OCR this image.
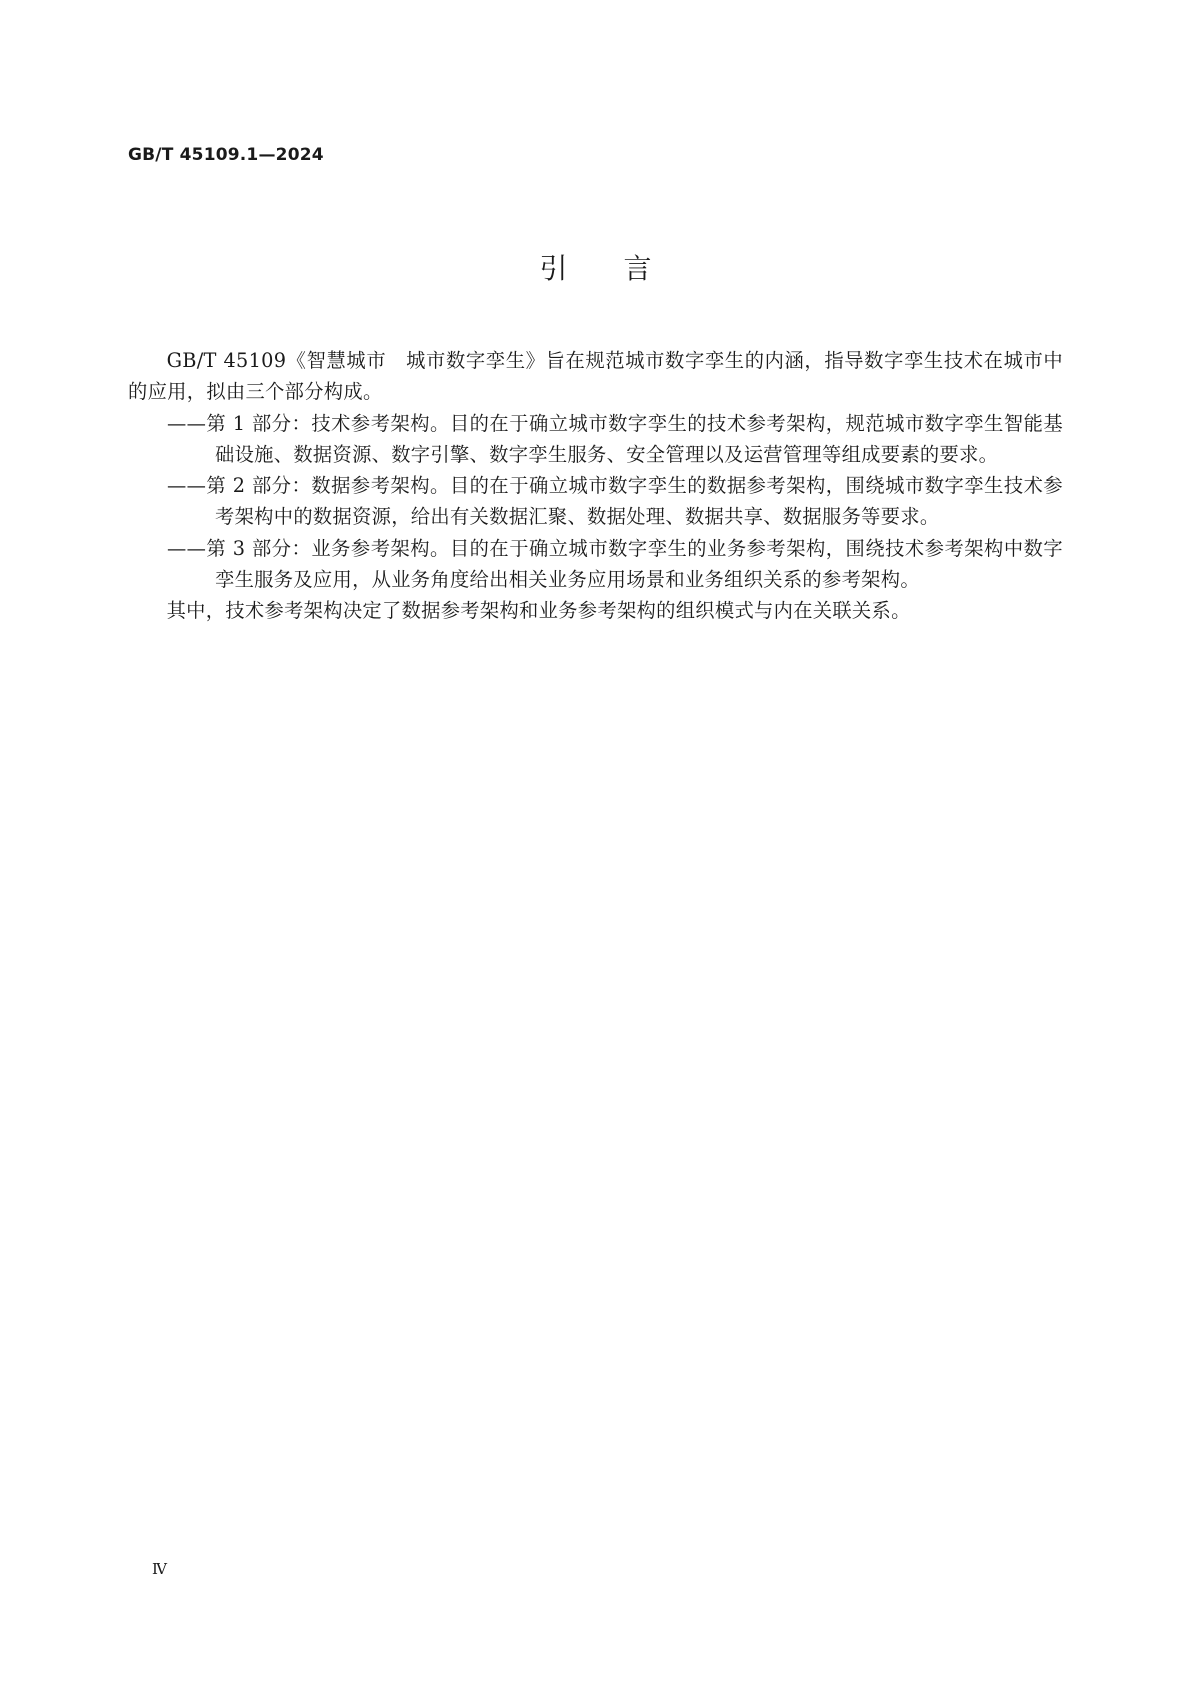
GB/T 45109.1—2024
引言

GB/T 45109《智慧城市　城市数字孪生》旨在规范城市数字孪生的内涵，指导数字孪生技术在城市中的应用，拟由三个部分构成。

——第 1 部分：技术参考架构。目的在于确立城市数字孪生的技术参考架构，规范城市数字孪生智能基础设施、数据资源、数字引擎、数字孪生服务、安全管理以及运营管理等组成要素的要求。

——第 2 部分：数据参考架构。目的在于确立城市数字孪生的数据参考架构，围绕城市数字孪生技术参考架构中的数据资源，给出有关数据汇聚、数据处理、数据共享、数据服务等要求。

——第 3 部分：业务参考架构。目的在于确立城市数字孪生的业务参考架构，围绕技术参考架构中数字孪生服务及应用，从业务角度给出相关业务应用场景和业务组织关系的参考架构。

其中，技术参考架构决定了数据参考架构和业务参考架构的组织模式与内在关联关系。

Ⅳ
